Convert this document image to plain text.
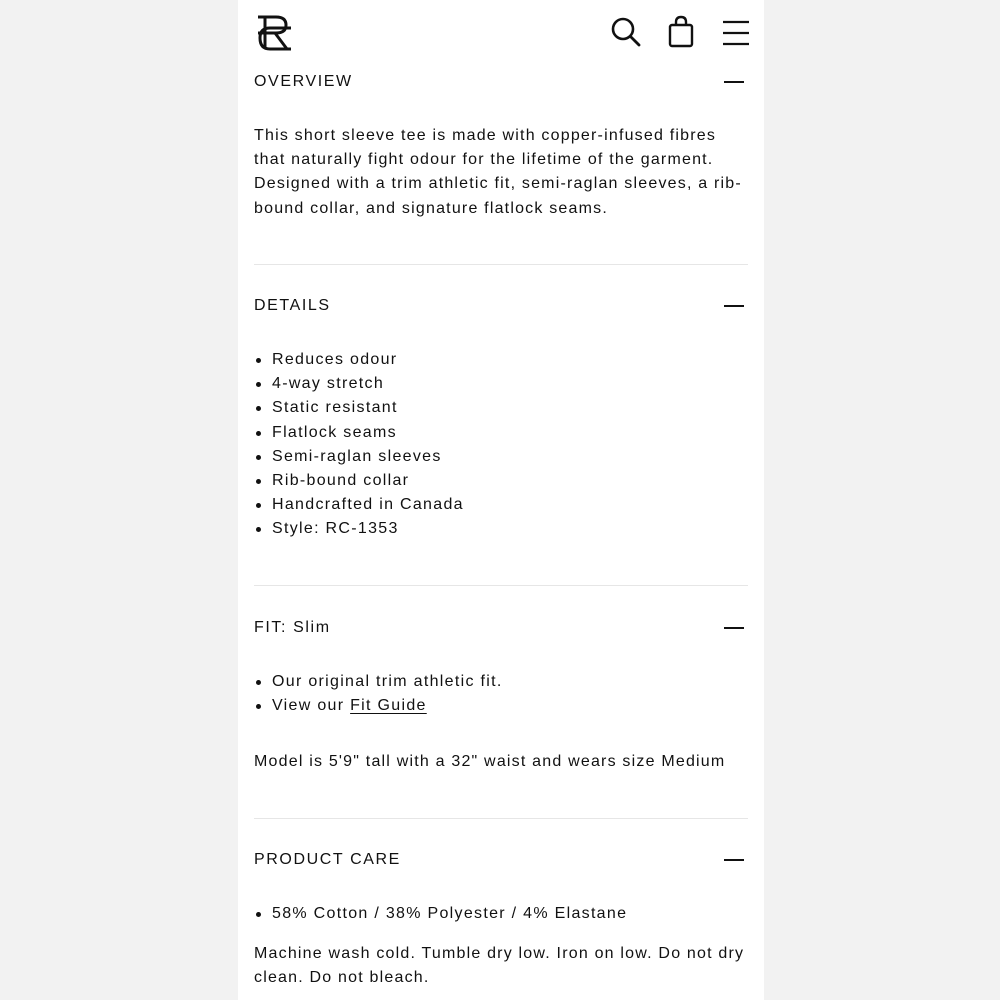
OVERVIEW
This short sleeve tee is made with copper-infused fibres
that naturally fight odour for the lifetime of the garment.
Designed with a trim athletic fit, semi-raglan sleeves, a rib-
bound collar, and signature flatlock seams.
DETAILS
Reduces odour
4-way stretch
Static resistant
Flatlock seams
Semi-raglan sleeves
Rib-bound collar
Handcrafted in Canada
Style: RC-1353
FIT: Slim
Our original trim athletic fit.
View our Fit Guide
Model is 5'9" tall with a 32" waist and wears size Medium
PRODUCT CARE
58% Cotton / 38% Polyester / 4% Elastane
Machine wash cold. Tumble dry low. Iron on low. Do not dry
clean. Do not bleach.
